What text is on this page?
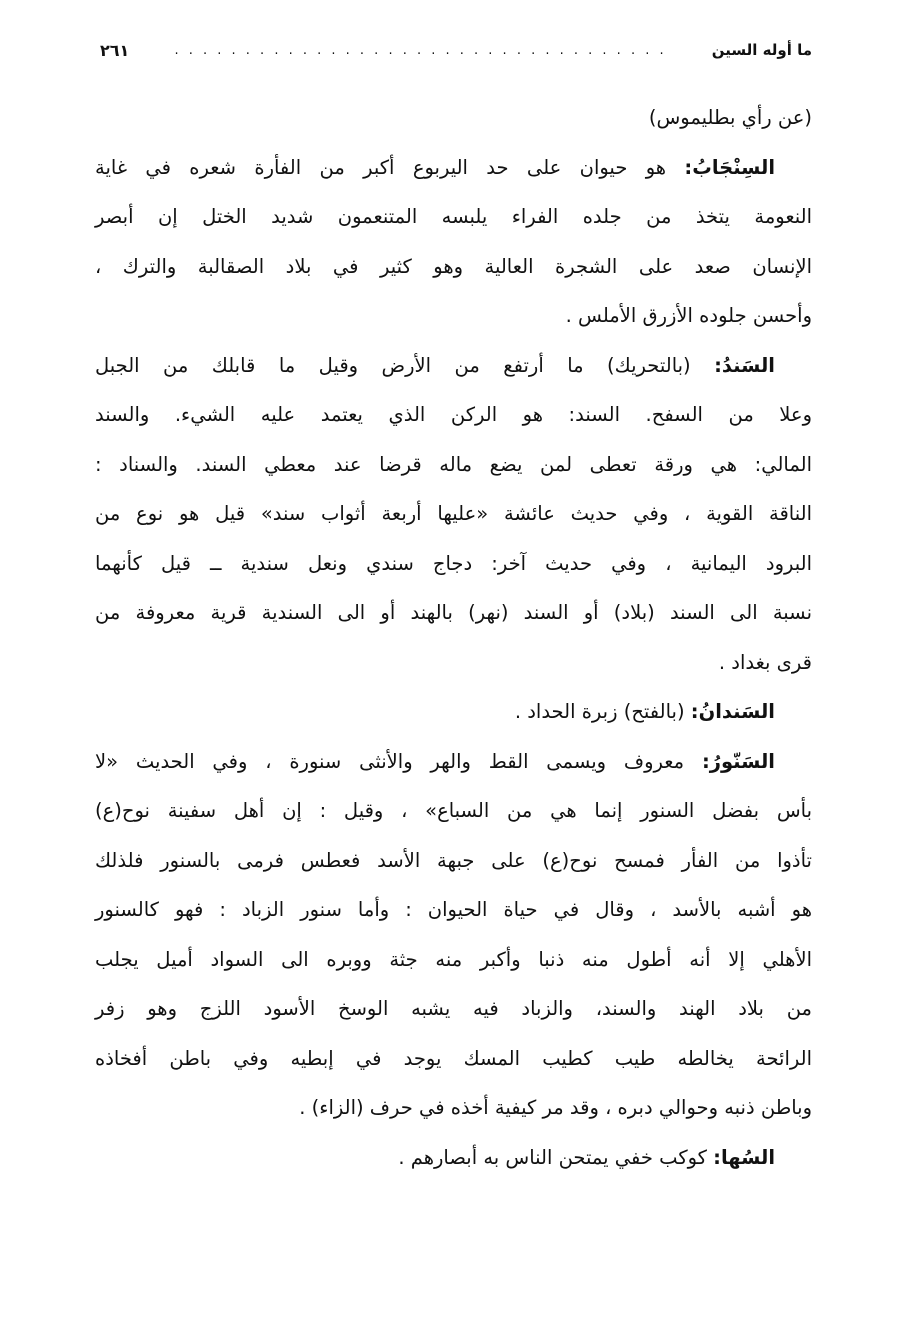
ما أوله السين
. . . . . . . . . . . . . . . . . . . . . . . . . . . . . . . . . . .
٢٦١
(عن رأي بطليموس)
السِنْجَابُ: هو حيوان على حد اليربوع أكبر من الفأرة شعره في غاية
النعومة يتخذ من جلده الفراء يلبسه المتنعمون شديد الختل إن أبصر
الإنسان صعد على الشجرة العالية وهو كثير في بلاد الصقالبة والترك ،
وأحسن جلوده الأزرق الأملس .
السَندُ: (بالتحريك) ما أرتفع من الأرض وقيل ما قابلك من الجبل
وعلا من السفح. السند: هو الركن الذي يعتمد عليه الشيء. والسند
المالي: هي ورقة تعطى لمن يضع ماله قرضا عند معطي السند. والسناد :
الناقة القوية ، وفي حديث عائشة «عليها أربعة أثواب سند» قيل هو نوع من
البرود اليمانية ، وفي حديث آخر: دجاج سندي ونعل سندية ــ قيل كأنهما
نسبة الى السند (بلاد) أو السند (نهر) بالهند أو الى السندية قرية معروفة من
قرى بغداد .
السَندانُ: (بالفتح) زبرة الحداد .
السَنّورُ: معروف ويسمى القط والهر والأنثى سنورة ، وفي الحديث «لا
بأس بفضل السنور إنما هي من السباع» ، وقيل : إن أهل سفينة نوح(ع)
تأذوا من الفأر فمسح نوح(ع) على جبهة الأسد فعطس فرمى بالسنور فلذلك
هو أشبه بالأسد ، وقال في حياة الحيوان : وأما سنور الزباد : فهو كالسنور
الأهلي إلا أنه أطول منه ذنبا وأكبر منه جثة ووبره الى السواد أميل يجلب
من بلاد الهند والسند، والزباد فيه يشبه الوسخ الأسود اللزج وهو زفر
الرائحة يخالطه طيب كطيب المسك يوجد في إبطيه وفي باطن أفخاذه
وباطن ذنبه وحوالي دبره ، وقد مر كيفية أخذه في حرف (الزاء) .
السُها: كوكب خفي يمتحن الناس به أبصارهم .
